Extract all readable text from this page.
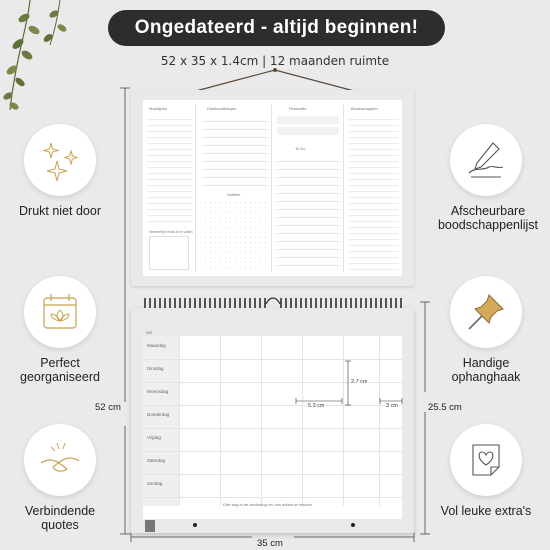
Ongedateerd - altijd beginnen!
52 x 35 x 1.4cm | 12 maanden ruimte
Drukt niet door
Perfect georganiseerd
Verbindende quotes
Afscheurbare boodschappenlijst
Handige ophanghaak
Vol leuke extra's
52 cm	25.5 cm
35 cm
Maaltijden	Huishoudklusjes	Financiën	Boodschappen
To Do
Notities
Hoeveel(e) extra in te vullen
WK
Maandag
Dinsdag
Woensdag
Donderdag
Vrijdag
Zaterdag
Zondag
Elke dag is de beslissing om van elkaar te houden
2.7 cm
5.3 cm	3 cm
